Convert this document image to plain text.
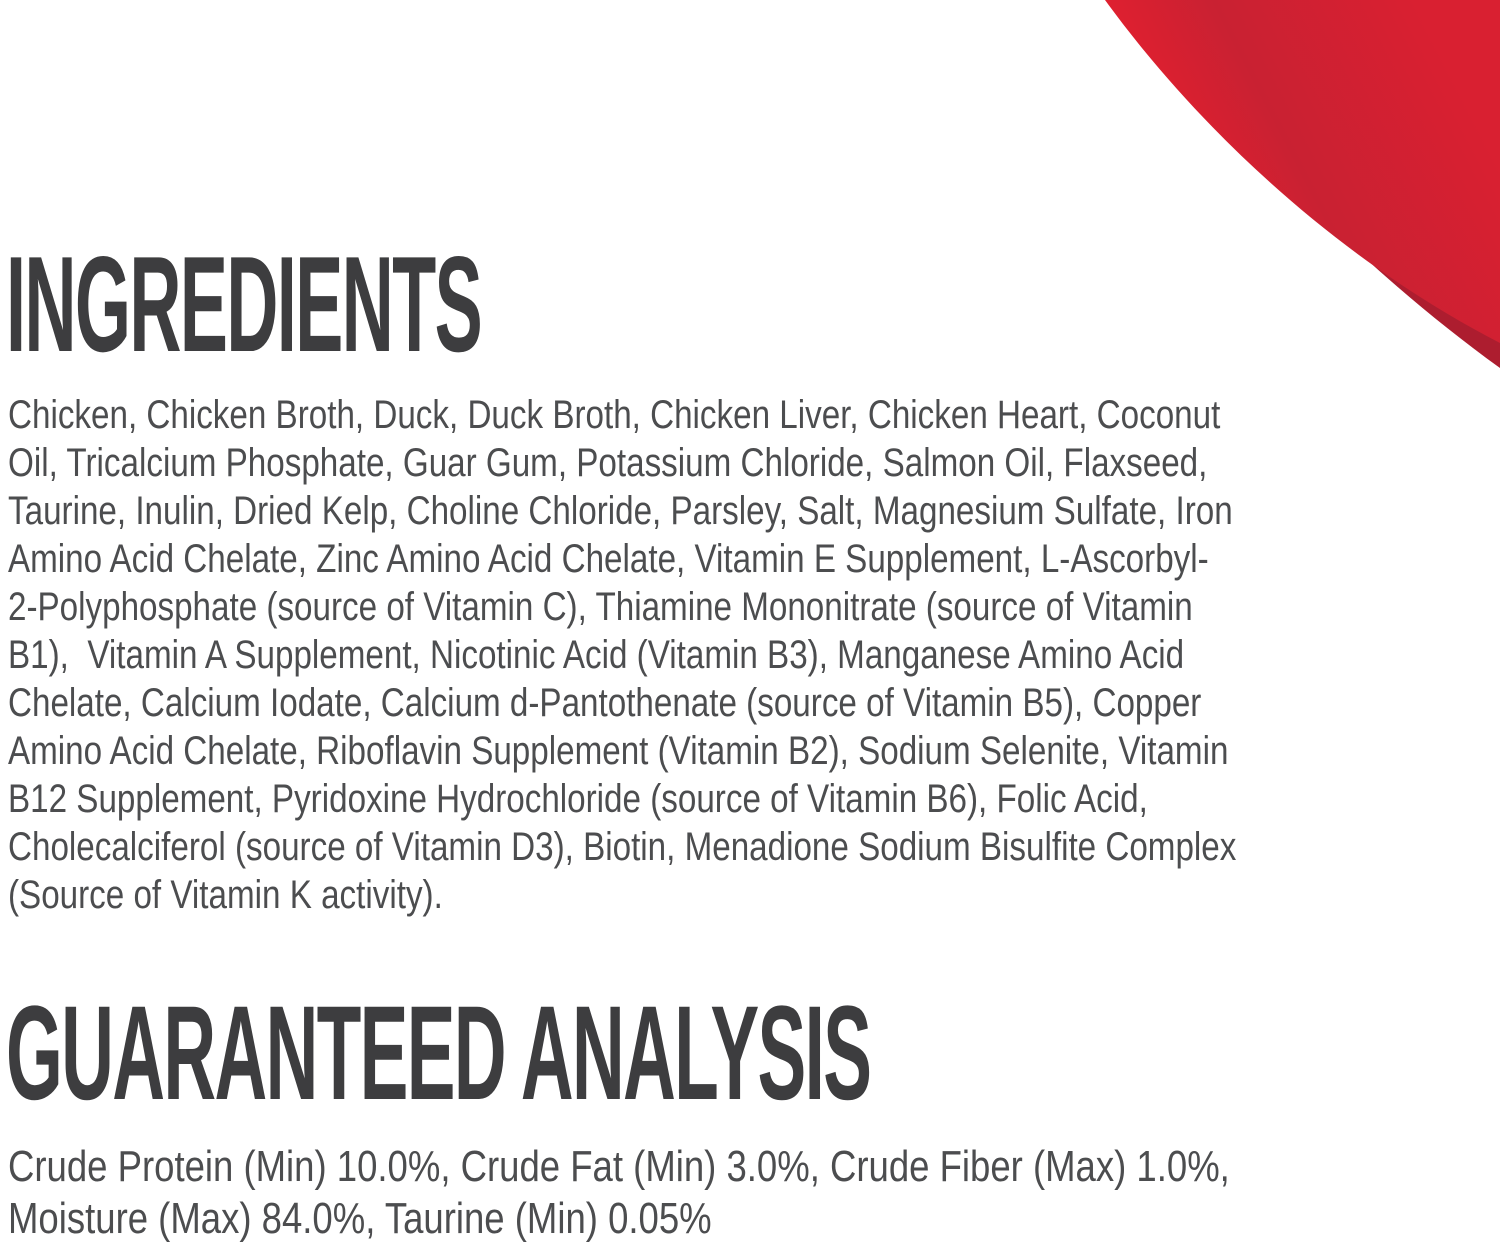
INGREDIENTS
Chicken, Chicken Broth, Duck, Duck Broth, Chicken Liver, Chicken Heart, Coconut
Oil, Tricalcium Phosphate, Guar Gum, Potassium Chloride, Salmon Oil, Flaxseed,
Taurine, Inulin, Dried Kelp, Choline Chloride, Parsley, Salt, Magnesium Sulfate, Iron
Amino Acid Chelate, Zinc Amino Acid Chelate, Vitamin E Supplement, L-Ascorbyl-
2-Polyphosphate (source of Vitamin C), Thiamine Mononitrate (source of Vitamin
B1),  Vitamin A Supplement, Nicotinic Acid (Vitamin B3), Manganese Amino Acid
Chelate, Calcium Iodate, Calcium d-Pantothenate (source of Vitamin B5), Copper
Amino Acid Chelate, Riboflavin Supplement (Vitamin B2), Sodium Selenite, Vitamin
B12 Supplement, Pyridoxine Hydrochloride (source of Vitamin B6), Folic Acid,
Cholecalciferol (source of Vitamin D3), Biotin, Menadione Sodium Bisulfite Complex
(Source of Vitamin K activity).
GUARANTEED ANALYSIS
Crude Protein (Min) 10.0%, Crude Fat (Min) 3.0%, Crude Fiber (Max) 1.0%,
Moisture (Max) 84.0%, Taurine (Min) 0.05%
